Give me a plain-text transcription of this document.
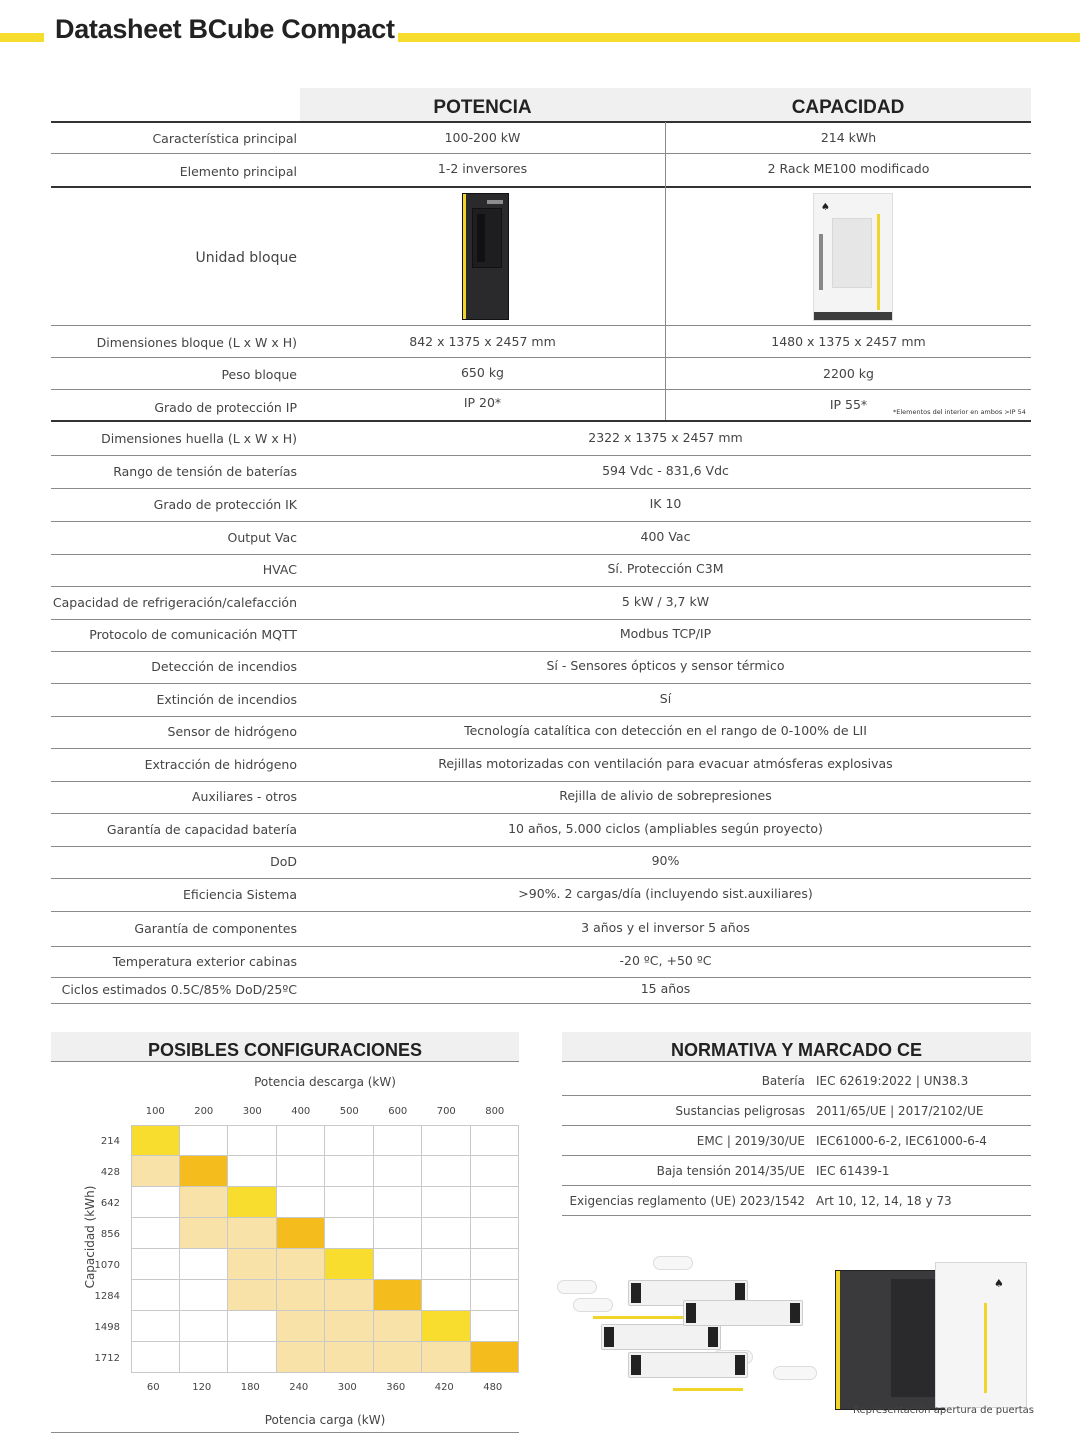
Datasheet BCube Compact
POTENCIA	CAPACIDAD
Característica principal	100-200 kW	214 kWh
Elemento principal	1-2 inversores	2 Rack ME100 modificado
Unidad bloque
♠
Dimensiones bloque (L x W x H)	842 x 1375 x 2457 mm	1480 x 1375 x 2457 mm
Peso bloque	650 kg	2200 kg
Grado de protección IP	IP 20*	IP 55*	*Elementos del interior en ambos >IP 54
Dimensiones huella (L x W x H)	2322 x 1375 x 2457 mm
Rango de tensión de baterías	594 Vdc - 831,6 Vdc
Grado de protección IK	IK 10
Output Vac	400 Vac
HVAC	Sí. Protección C3M
Capacidad de refrigeración/calefacción	5 kW / 3,7 kW
Protocolo de comunicación MQTT	Modbus TCP/IP
Detección de incendios	Sí - Sensores ópticos y sensor térmico
Extinción de incendios	Sí
Sensor de hidrógeno	Tecnología catalítica con detección en el rango de 0-100% de LII
Extracción de hidrógeno	Rejillas motorizadas con ventilación para evacuar atmósferas explosivas
Auxiliares - otros	Rejilla de alivio de sobrepresiones
Garantía de capacidad batería	10 años, 5.000 ciclos (ampliables según proyecto)
DoD	90%
Eficiencia Sistema	>90%. 2 cargas/día (incluyendo sist.auxiliares)
Garantía de componentes	3 años y el inversor 5 años
Temperatura exterior cabinas	-20 ºC, +50 ºC
Ciclos estimados 0.5C/85% DoD/25ºC	15 años
POSIBLES CONFIGURACIONES
Potencia descarga (kW)
100	200	300	400	500	600	700	800
214
428
642
856
1070
1284
1498
1712
Capacidad (kWh)
60	120	180	240	300	360	420	480
Potencia carga (kW)
NORMATIVA Y MARCADO CE
Batería IEC 62619:2022 | UN38.3
Sustancias peligrosas 2011/65/UE | 2017/2102/UE
EMC | 2019/30/UE IEC61000-6-2, IEC61000-6-4
Baja tensión 2014/35/UE IEC 61439-1
Exigencias reglamento (UE) 2023/1542 Art 10, 12, 14, 18 y 73
♠
Representación apertura de puertas
